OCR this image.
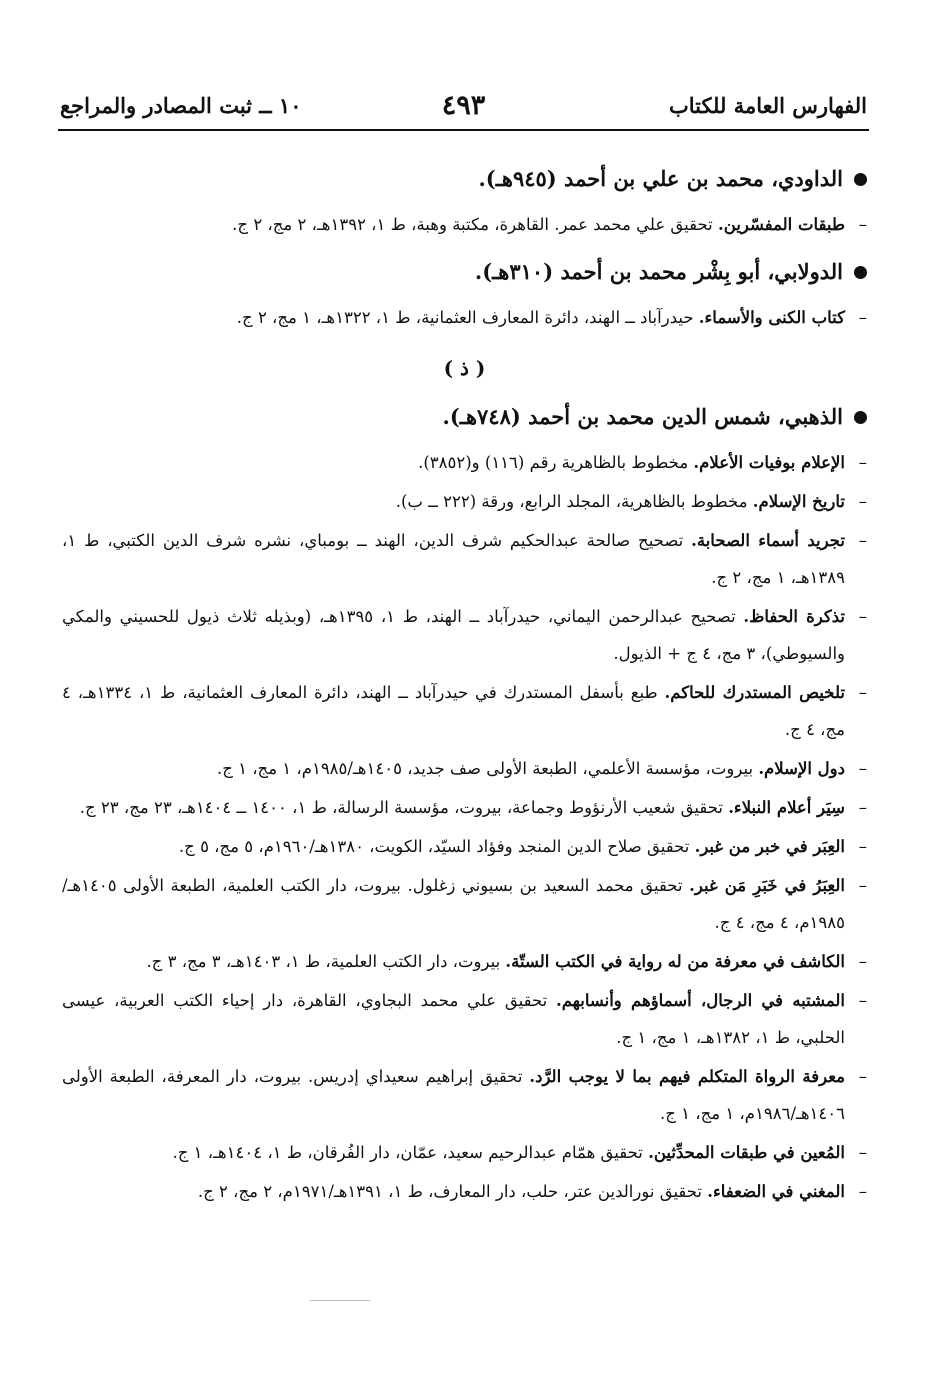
الفهارس العامة للكتاب
٤٩٣
١٠ ــ ثبت المصادر والمراجع
الداودي، محمد بن علي بن أحمد (٩٤٥هـ).
–
طبقات المفسّرين. تحقيق علي محمد عمر. القاهرة، مكتبة وهبة، ط ١، ١٣٩٢هـ، ٢ مج، ٢ ج.
الدولابي، أبو بِشْر محمد بن أحمد (٣١٠هـ).
–
كتاب الكنى والأسماء. حيدرآباد ــ الهند، دائرة المعارف العثمانية، ط ١، ١٣٢٢هـ، ١ مج، ٢ ج.
( ذ )
الذهبي، شمس الدين محمد بن أحمد (٧٤٨هـ).
–
الإعلام بوفيات الأعلام. مخطوط بالظاهرية رقم (١١٦) و(٣٨٥٢).
–
تاريخ الإسلام. مخطوط بالظاهرية، المجلد الرابع، ورقة (٢٢٢ ــ ب).
–
تجريد أسماء الصحابة. تصحيح صالحة عبدالحكيم شرف الدين، الهند ــ بومباي، نشره شرف الدين الكتبي، ط ١، ١٣٨٩هـ، ١ مج، ٢ ج.
–
تذكرة الحفاظ. تصحيح عبدالرحمن اليماني، حيدرآباد ــ الهند، ط ١، ١٣٩٥هـ، (وبذيله ثلاث ذيول للحسيني والمكي والسيوطي)، ٣ مج، ٤ ج + الذيول.
–
تلخيص المستدرك للحاكم. طبع بأسفل المستدرك في حيدرآباد ــ الهند، دائرة المعارف العثمانية، ط ١، ١٣٣٤هـ، ٤ مج، ٤ ج.
–
دول الإسلام. بيروت، مؤسسة الأعلمي، الطبعة الأولى صف جديد، ١٤٠٥هـ/١٩٨٥م، ١ مج، ١ ج.
–
سِيَر أعلام النبلاء. تحقيق شعيب الأرنؤوط وجماعة، بيروت، مؤسسة الرسالة، ط ١، ١٤٠٠ ــ ١٤٠٤هـ، ٢٣ مج، ٢٣ ج.
–
العِبَر في خبر من غبر. تحقيق صلاح الدين المنجد وفؤاد السيّد، الكويت، ١٣٨٠هـ/١٩٦٠م، ٥ مج، ٥ ج.
–
العِبَرُ في خَبَرِ مَن غبر. تحقيق محمد السعيد بن بسيوني زغلول. بيروت، دار الكتب العلمية، الطبعة الأولى ١٤٠٥هـ/١٩٨٥م، ٤ مج، ٤ ج.
–
الكاشف في معرفة من له رواية في الكتب الستّة. بيروت، دار الكتب العلمية، ط ١، ١٤٠٣هـ، ٣ مج، ٣ ج.
–
المشتبه في الرجال، أسماؤهم وأنسابهم. تحقيق علي محمد البجاوي، القاهرة، دار إحياء الكتب العربية، عيسى الحلبي، ط ١، ١٣٨٢هـ، ١ مج، ١ ج.
–
معرفة الرواة المتكلم فيهم بما لا يوجب الرَّد. تحقيق إبراهيم سعيداي إدريس. بيروت، دار المعرفة، الطبعة الأولى ١٤٠٦هـ/١٩٨٦م، ١ مج، ١ ج.
–
المُعين في طبقات المحدِّثين. تحقيق همّام عبدالرحيم سعيد، عمّان، دار الفُرقان، ط ١، ١٤٠٤هـ، ١ ج.
–
المغني في الضعفاء. تحقيق نورالدين عتر، حلب، دار المعارف، ط ١، ١٣٩١هـ/١٩٧١م، ٢ مج، ٢ ج.
